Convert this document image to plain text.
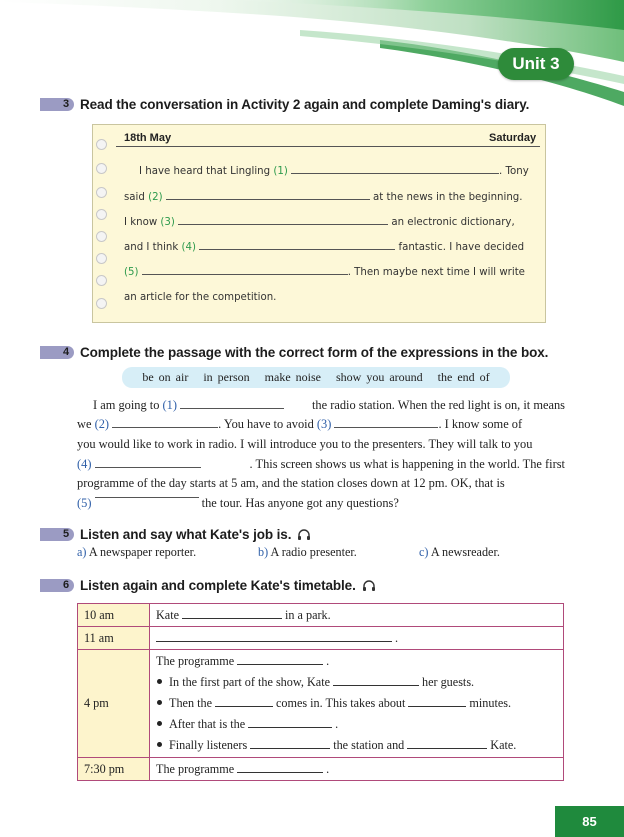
Unit 3
3 Read the conversation in Activity 2 again and complete Daming's diary.
18th May	Saturday
I have heard that Lingling (1)	. Tony
said (2)	at the news in the beginning.
I know (3)	an electronic dictionary,
and I think (4)	fantastic. I have decided
(5)	. Then maybe next time I will write
an article for the competition.
4 Complete the passage with the correct form of the expressions in the box.
be on air in person make noise show you around the end of
I am going to (1)	the radio station. When the red light is on, it means
we (2)	. You have to avoid (3)	. I know some of
you would like to work in radio. I will introduce you to the presenters. They will talk to you
(4)	. This screen shows us what is happening in the world. The first
programme of the day starts at 5 am, and the station closes down at 12 pm. OK, that is
(5)

	the tour. Has anyone got any questions?
5 Listen and say what Kate's job is.
a) A newspaper reporter.	b) A radio presenter.	c) A newsreader.
6 Listen again and complete Kate's timetable.
10 am	Kate in a park.
11 am	.
4 pm	The programme .
In the first part of the show, Kate her guests.
Then the comes in. This takes about minutes.
After that is the .
Finally listeners the station and Kate.

7:30 pm	The programme .
85
